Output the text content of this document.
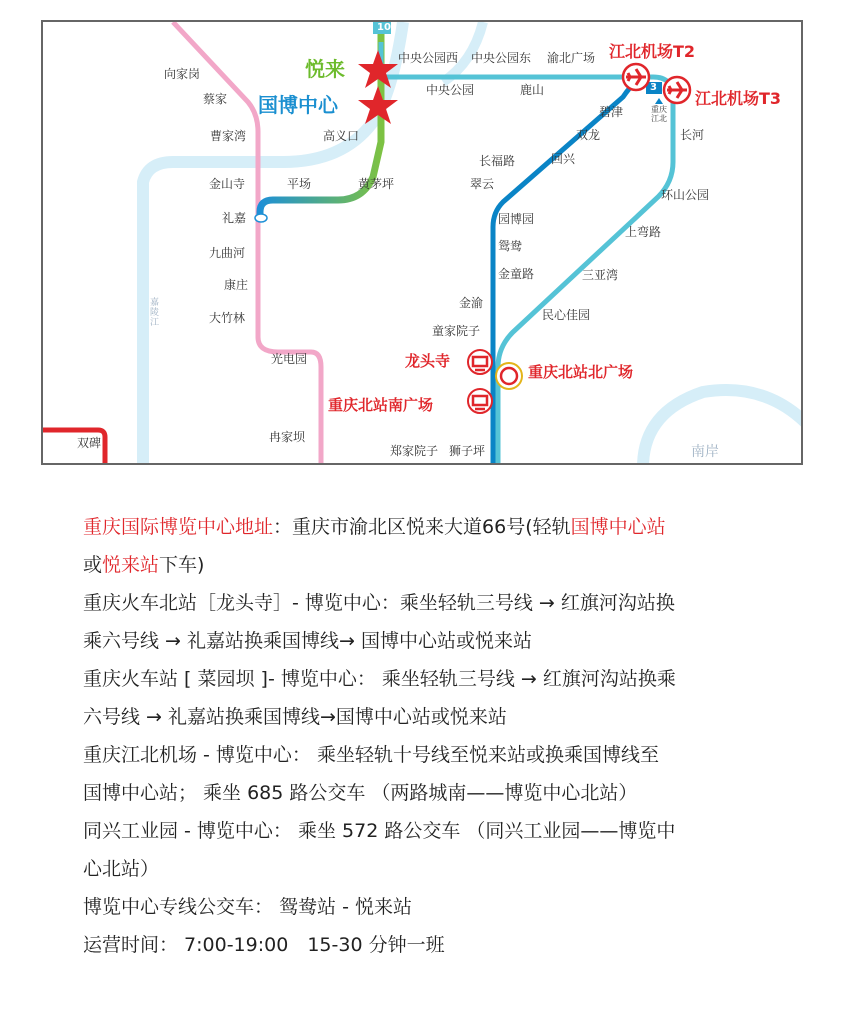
10
3
向家岗
蔡家
曹家湾
金山寺
礼嘉
九曲河
康庄
大竹林
光电园
冉家坝
双碑
嘉陵江
平场	黄茅坪
高义口
中央公园西 中央公园东 渝北广场
中央公园	鹿山
碧津
双龙
回兴
长福路
翠云
园博园
鸳鸯
金童路
金渝
童家院子
郑家院子 狮子坪
长河
环山公园
上弯路
三亚湾
民心佳园
重庆江北
南岸
悦来
国博中心
江北机场T2
江北机场T3
龙头寺
重庆北站北广场
重庆北站南广场
重庆国际博览中心地址：重庆市渝北区悦来大道66号(轻轨国博中心站
或悦来站下车)
重庆火车北站［龙头寺］- 博览中心：乘坐轻轨三号线 → 红旗河沟站换
乘六号线 → 礼嘉站换乘国博线→ 国博中心站或悦来站
重庆火车站 [ 菜园坝 ]- 博览中心： 乘坐轻轨三号线 → 红旗河沟站换乘
六号线 → 礼嘉站换乘国博线→国博中心站或悦来站
重庆江北机场 - 博览中心： 乘坐轻轨十号线至悦来站或换乘国博线至
国博中心站； 乘坐 685 路公交车 （两路城南——博览中心北站）
同兴工业园 - 博览中心： 乘坐 572 路公交车 （同兴工业园——博览中
心北站）
博览中心专线公交车： 鸳鸯站 - 悦来站
运营时间： 7:00-19:00　15-30 分钟一班
